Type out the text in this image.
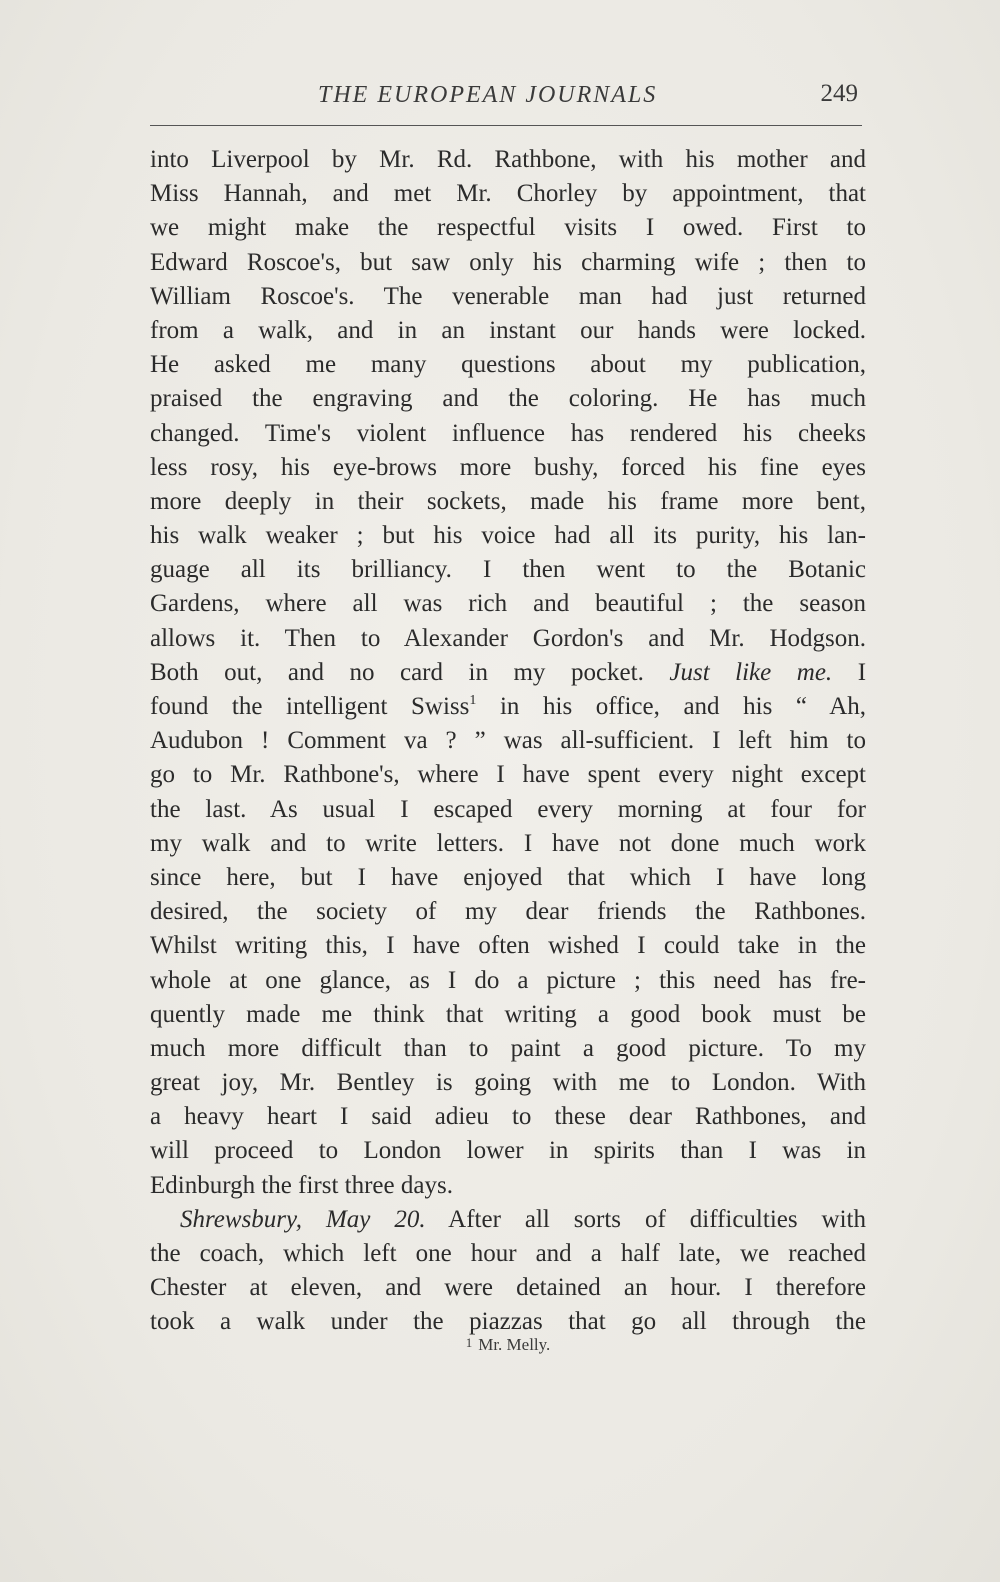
THE EUROPEAN JOURNALS	249
into Liverpool by Mr. Rd. Rathbone, with his mother and
Miss Hannah, and met Mr. Chorley by appointment, that
we might make the respectful visits I owed. First to
Edward Roscoe's, but saw only his charming wife ; then to
William Roscoe's. The venerable man had just returned
from a walk, and in an instant our hands were locked.
He asked me many questions about my publication,
praised the engraving and the coloring. He has much
changed. Time's violent influence has rendered his cheeks
less rosy, his eye-brows more bushy, forced his fine eyes
more deeply in their sockets, made his frame more bent,
his walk weaker ; but his voice had all its purity, his lan-
guage all its brilliancy. I then went to the Botanic
Gardens, where all was rich and beautiful ; the season
allows it. Then to Alexander Gordon's and Mr. Hodgson.
Both out, and no card in my pocket. Just like me. I
found the intelligent Swiss$^1$ in his office, and his “ Ah,
Audubon ! Comment va ? ” was all-sufficient. I left him to
go to Mr. Rathbone's, where I have spent every night except
the last. As usual I escaped every morning at four for
my walk and to write letters. I have not done much work
since here, but I have enjoyed that which I have long
desired, the society of my dear friends the Rathbones.
Whilst writing this, I have often wished I could take in the
whole at one glance, as I do a picture ; this need has fre-
quently made me think that writing a good book must be
much more difficult than to paint a good picture. To my
great joy, Mr. Bentley is going with me to London. With
a heavy heart I said adieu to these dear Rathbones, and
will proceed to London lower in spirits than I was in
Edinburgh the first three days.
Shrewsbury, May 20. After all sorts of difficulties with
the coach, which left one hour and a half late, we reached
Chester at eleven, and were detained an hour. I therefore
took a walk under the piazzas that go all through the
1 Mr. Melly.
